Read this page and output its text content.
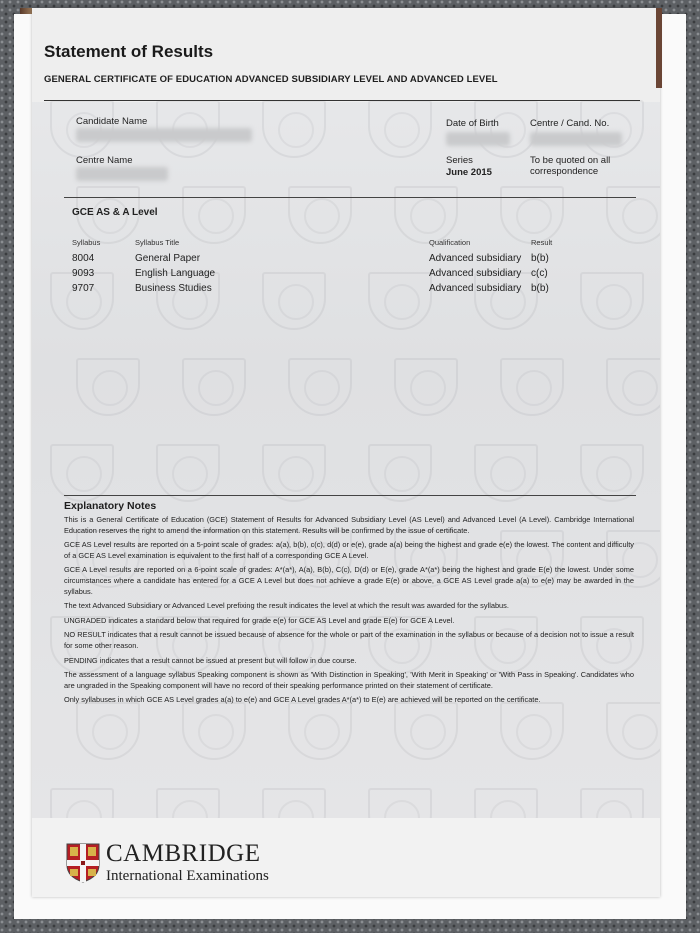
Statement of Results
GENERAL CERTIFICATE OF EDUCATION ADVANCED SUBSIDIARY LEVEL AND ADVANCED LEVEL
Candidate Name	Date of Birth	Centre / Cand. No.
Centre Name	Series
June 2015
To be quoted on all correspondence
GCE AS & A Level
Syllabus	Syllabus Title	Qualification	Result
8004	General Paper	Advanced subsidiary b(b)
9093	English Language	Advanced subsidiary c(c)
9707	Business Studies	Advanced subsidiary b(b)
Explanatory Notes

This is a General Certificate of Education (GCE) Statement of Results for Advanced Subsidiary Level (AS Level) and Advanced Level (A Level). Cambridge International Education reserves the right to amend the information on this statement. Results will be confirmed by the issue of certificate.

GCE AS Level results are reported on a 5-point scale of grades: a(a), b(b), c(c), d(d) or e(e), grade a(a) being the highest and grade e(e) the lowest. The content and difficulty of a GCE AS Level examination is equivalent to the first half of a corresponding GCE A Level.

GCE A Level results are reported on a 6-point scale of grades: A*(a*), A(a), B(b), C(c), D(d) or E(e), grade A*(a*) being the highest and grade E(e) the lowest. Under some circumstances where a candidate has entered for a GCE A Level but does not achieve a grade E(e) or above, a GCE AS Level grade a(a) to e(e) may be awarded in the syllabus.

The text Advanced Subsidiary or Advanced Level prefixing the result indicates the level at which the result was awarded for the syllabus.

UNGRADED indicates a standard below that required for grade e(e) for GCE AS Level and grade E(e) for GCE A Level.

NO RESULT indicates that a result cannot be issued because of absence for the whole or part of the examination in the syllabus or because of a decision not to issue a result for some other reason.

PENDING indicates that a result cannot be issued at present but will follow in due course.

The assessment of a language syllabus Speaking component is shown as 'With Distinction in Speaking', 'With Merit in Speaking' or 'With Pass in Speaking'. Candidates who are ungraded in the Speaking component will have no record of their speaking performance printed on their statement of certificate.

Only syllabuses in which GCE AS Level grades a(a) to e(e) and GCE A Level grades A*(a*) to E(e) are achieved will be reported on the certificate.

CAMBRIDGE
International Examinations
